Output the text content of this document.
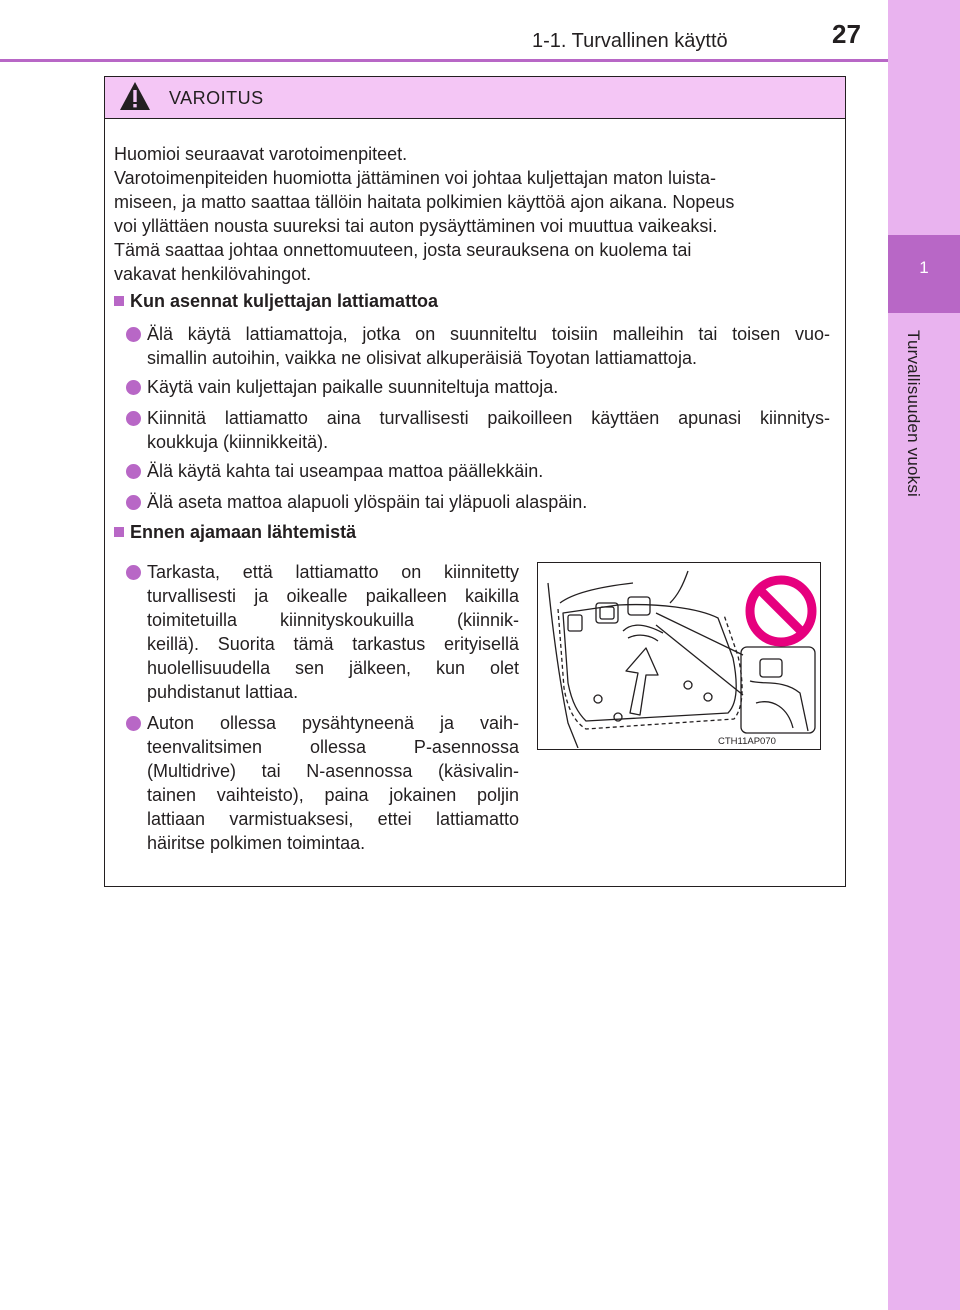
1
Turvallisuuden vuoksi
1-1. Turvallinen käyttö	27
VAROITUS
Huomioi seuraavat varotoimenpiteet.
Varotoimenpiteiden huomiotta jättäminen voi johtaa kuljettajan maton luista-
miseen, ja matto saattaa tällöin haitata polkimien käyttöä ajon aikana. Nopeus
voi yllättäen nousta suureksi tai auton pysäyttäminen voi muuttua vaikeaksi.
Tämä saattaa johtaa onnettomuuteen, josta seurauksena on kuolema tai
vakavat henkilövahingot.
Kun asennat kuljettajan lattiamattoa
Älä käytä lattiamattoja, jotka on suunniteltu toisiin malleihin tai toisen vuo-
simallin autoihin, vaikka ne olisivat alkuperäisiä Toyotan lattiamattoja.
Käytä vain kuljettajan paikalle suunniteltuja mattoja.
Kiinnitä lattiamatto aina turvallisesti paikoilleen käyttäen apunasi kiinnitys-
koukkuja (kiinnikkeitä).
Älä käytä kahta tai useampaa mattoa päällekkäin.
Älä aseta mattoa alapuoli ylöspäin tai yläpuoli alaspäin.
Ennen ajamaan lähtemistä
Tarkasta, että lattiamatto on kiinnitetty
turvallisesti ja oikealle paikalleen kaikilla
toimitetuilla kiinnityskoukuilla (kiinnik-
keillä). Suorita tämä tarkastus erityisellä
huolellisuudella sen jälkeen, kun olet
puhdistanut lattiaa.
Auton ollessa pysähtyneenä ja vaih-
teenvalitsimen ollessa P-asennossa
(Multidrive) tai N-asennossa (käsivalin-
tainen vaihteisto), paina jokainen poljin
lattiaan varmistuaksesi, ettei lattiamatto
häiritse polkimen toimintaa.
CTH11AP070
